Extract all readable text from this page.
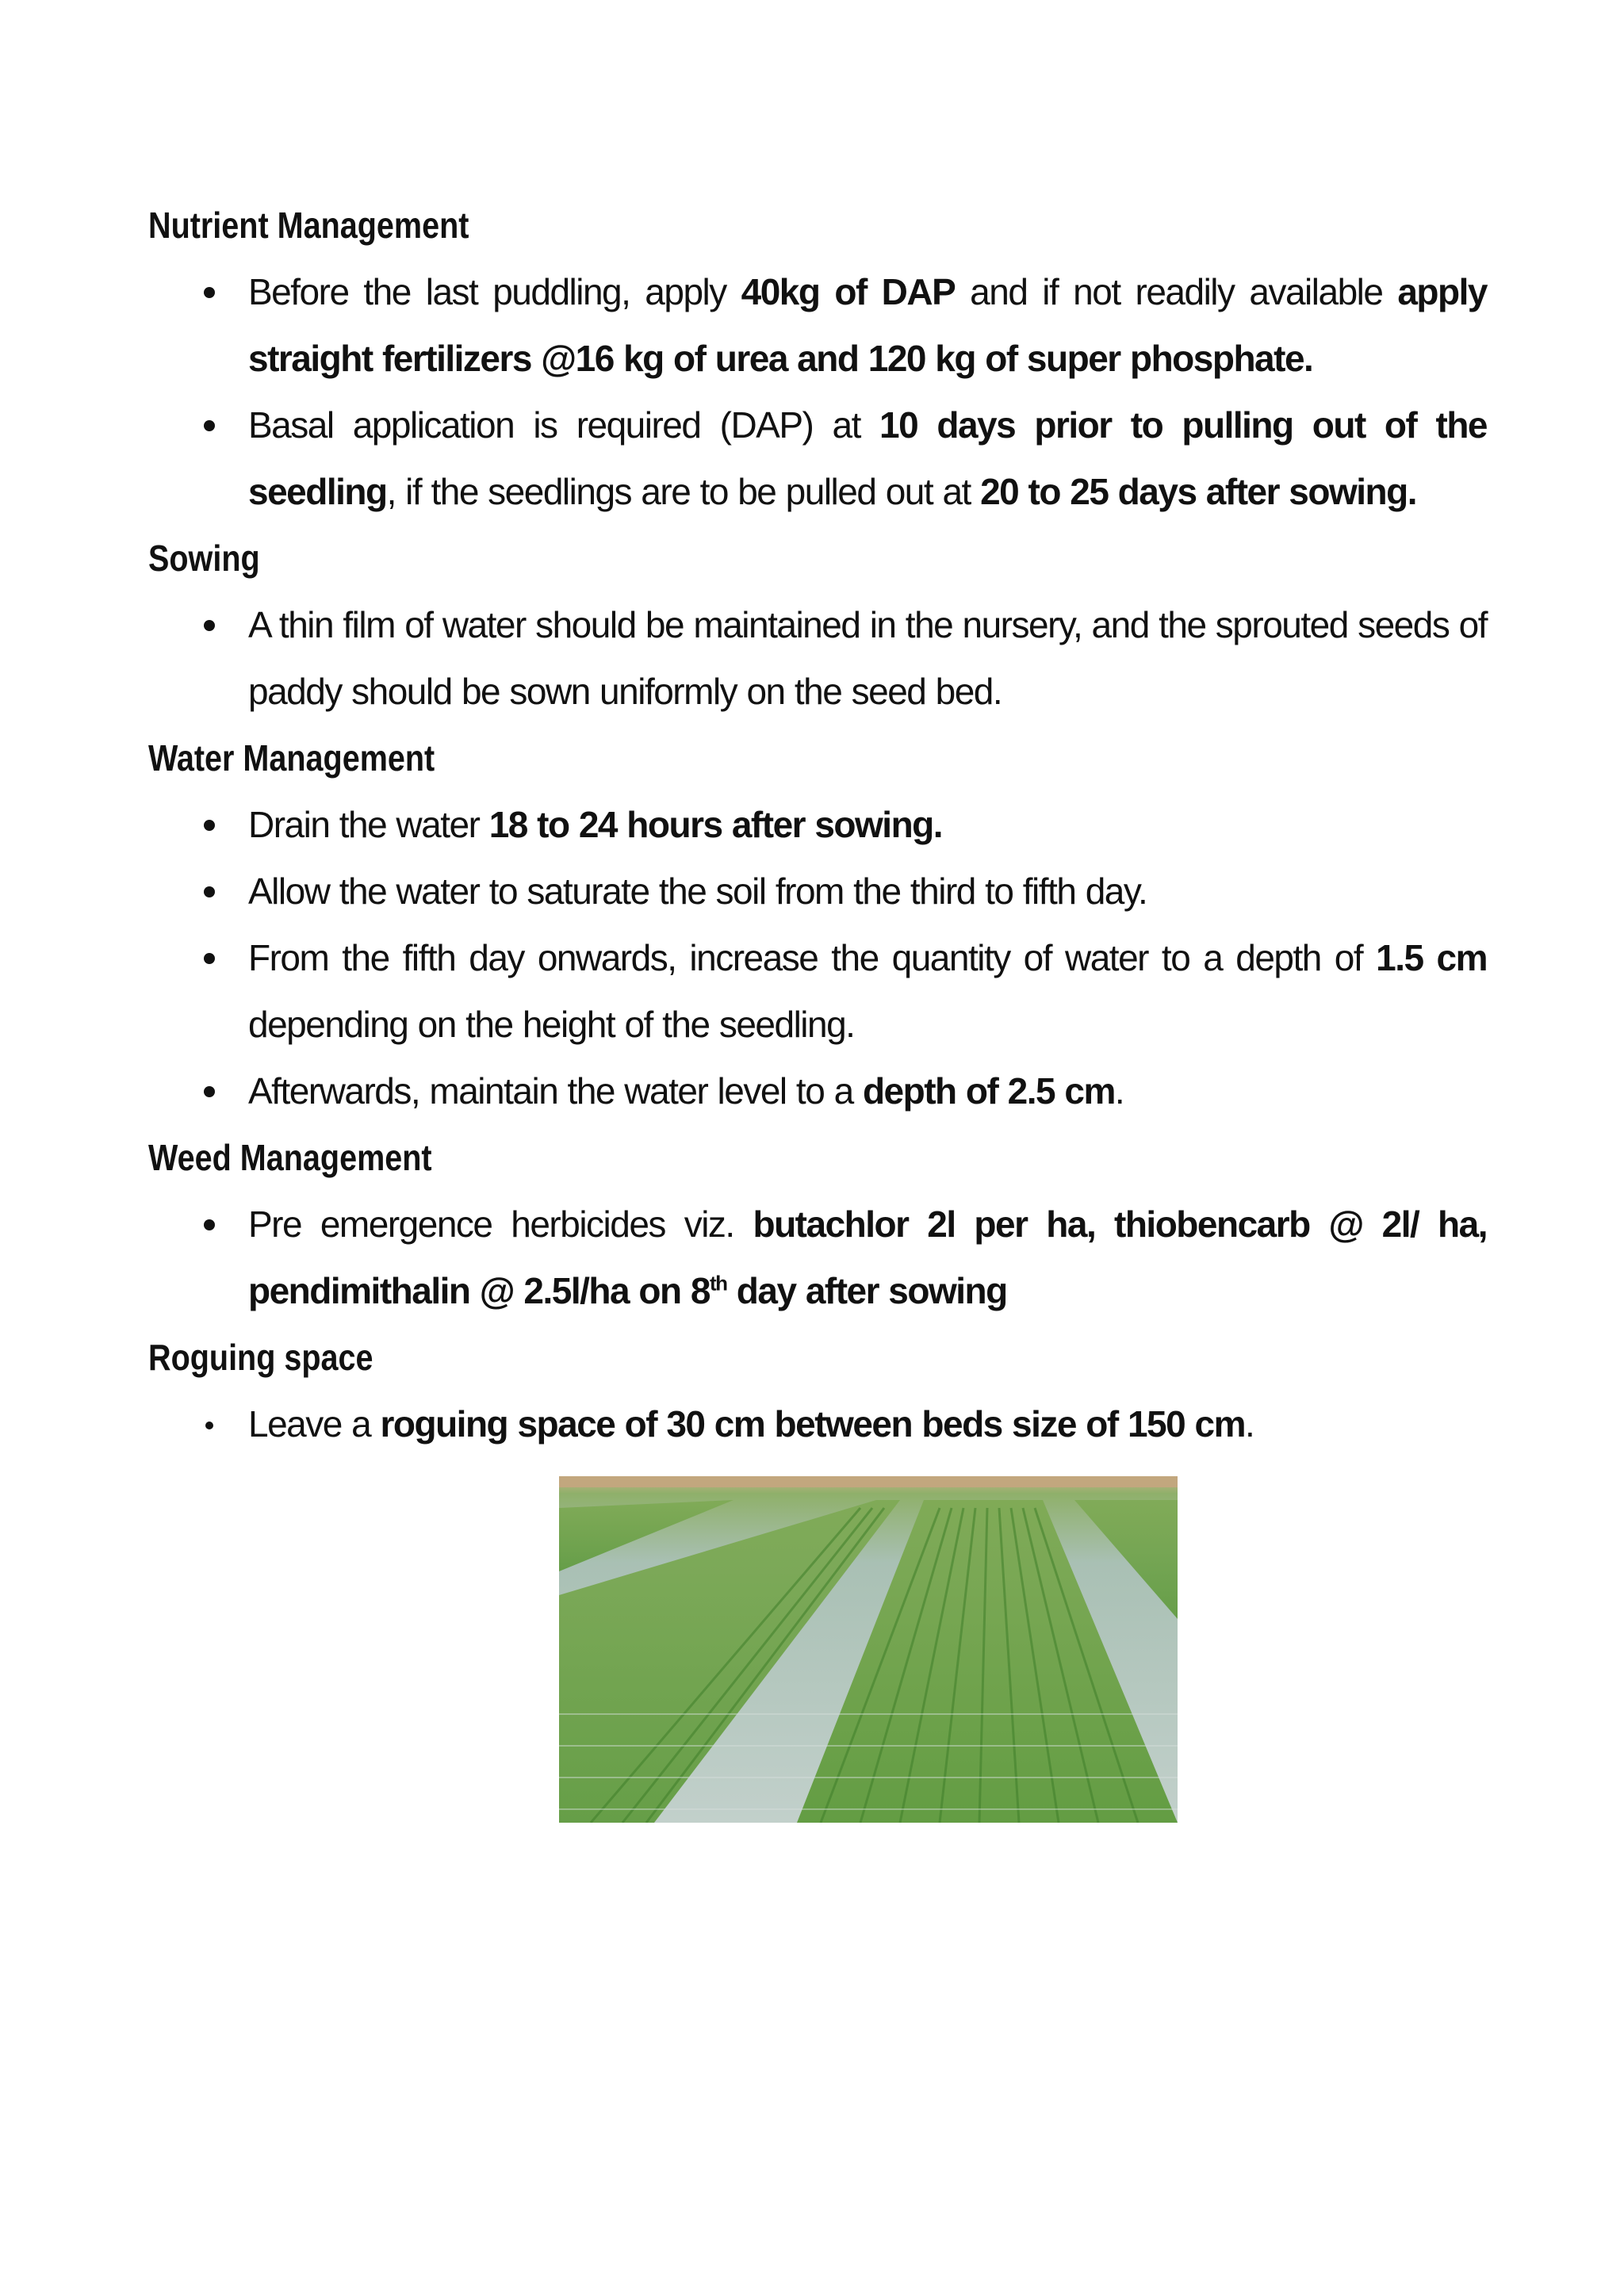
Nutrient Management
Before the last puddling, apply 40kg of DAP and if not readily available apply straight fertilizers @16 kg of urea and 120 kg of super phosphate.
Basal application is required (DAP) at 10 days prior to pulling out of the seedling, if the seedlings are to be pulled out at 20 to 25 days after sowing.
Sowing
A thin film of water should be maintained in the nursery, and the sprouted seeds of paddy should be sown uniformly on the seed bed.
Water Management
Drain the water 18 to 24 hours after sowing.
Allow the water to saturate the soil from the third to fifth day.
From the fifth day onwards, increase the quantity of water to a depth of 1.5 cm depending on the height of the seedling.
Afterwards, maintain the water level to a depth of 2.5 cm.
Weed Management
Pre emergence herbicides viz. butachlor 2l per ha, thiobencarb @ 2l/ ha, pendimithalin @ 2.5l/ha on 8th day after sowing
Roguing space
Leave a roguing space of 30 cm between beds size of 150 cm.
